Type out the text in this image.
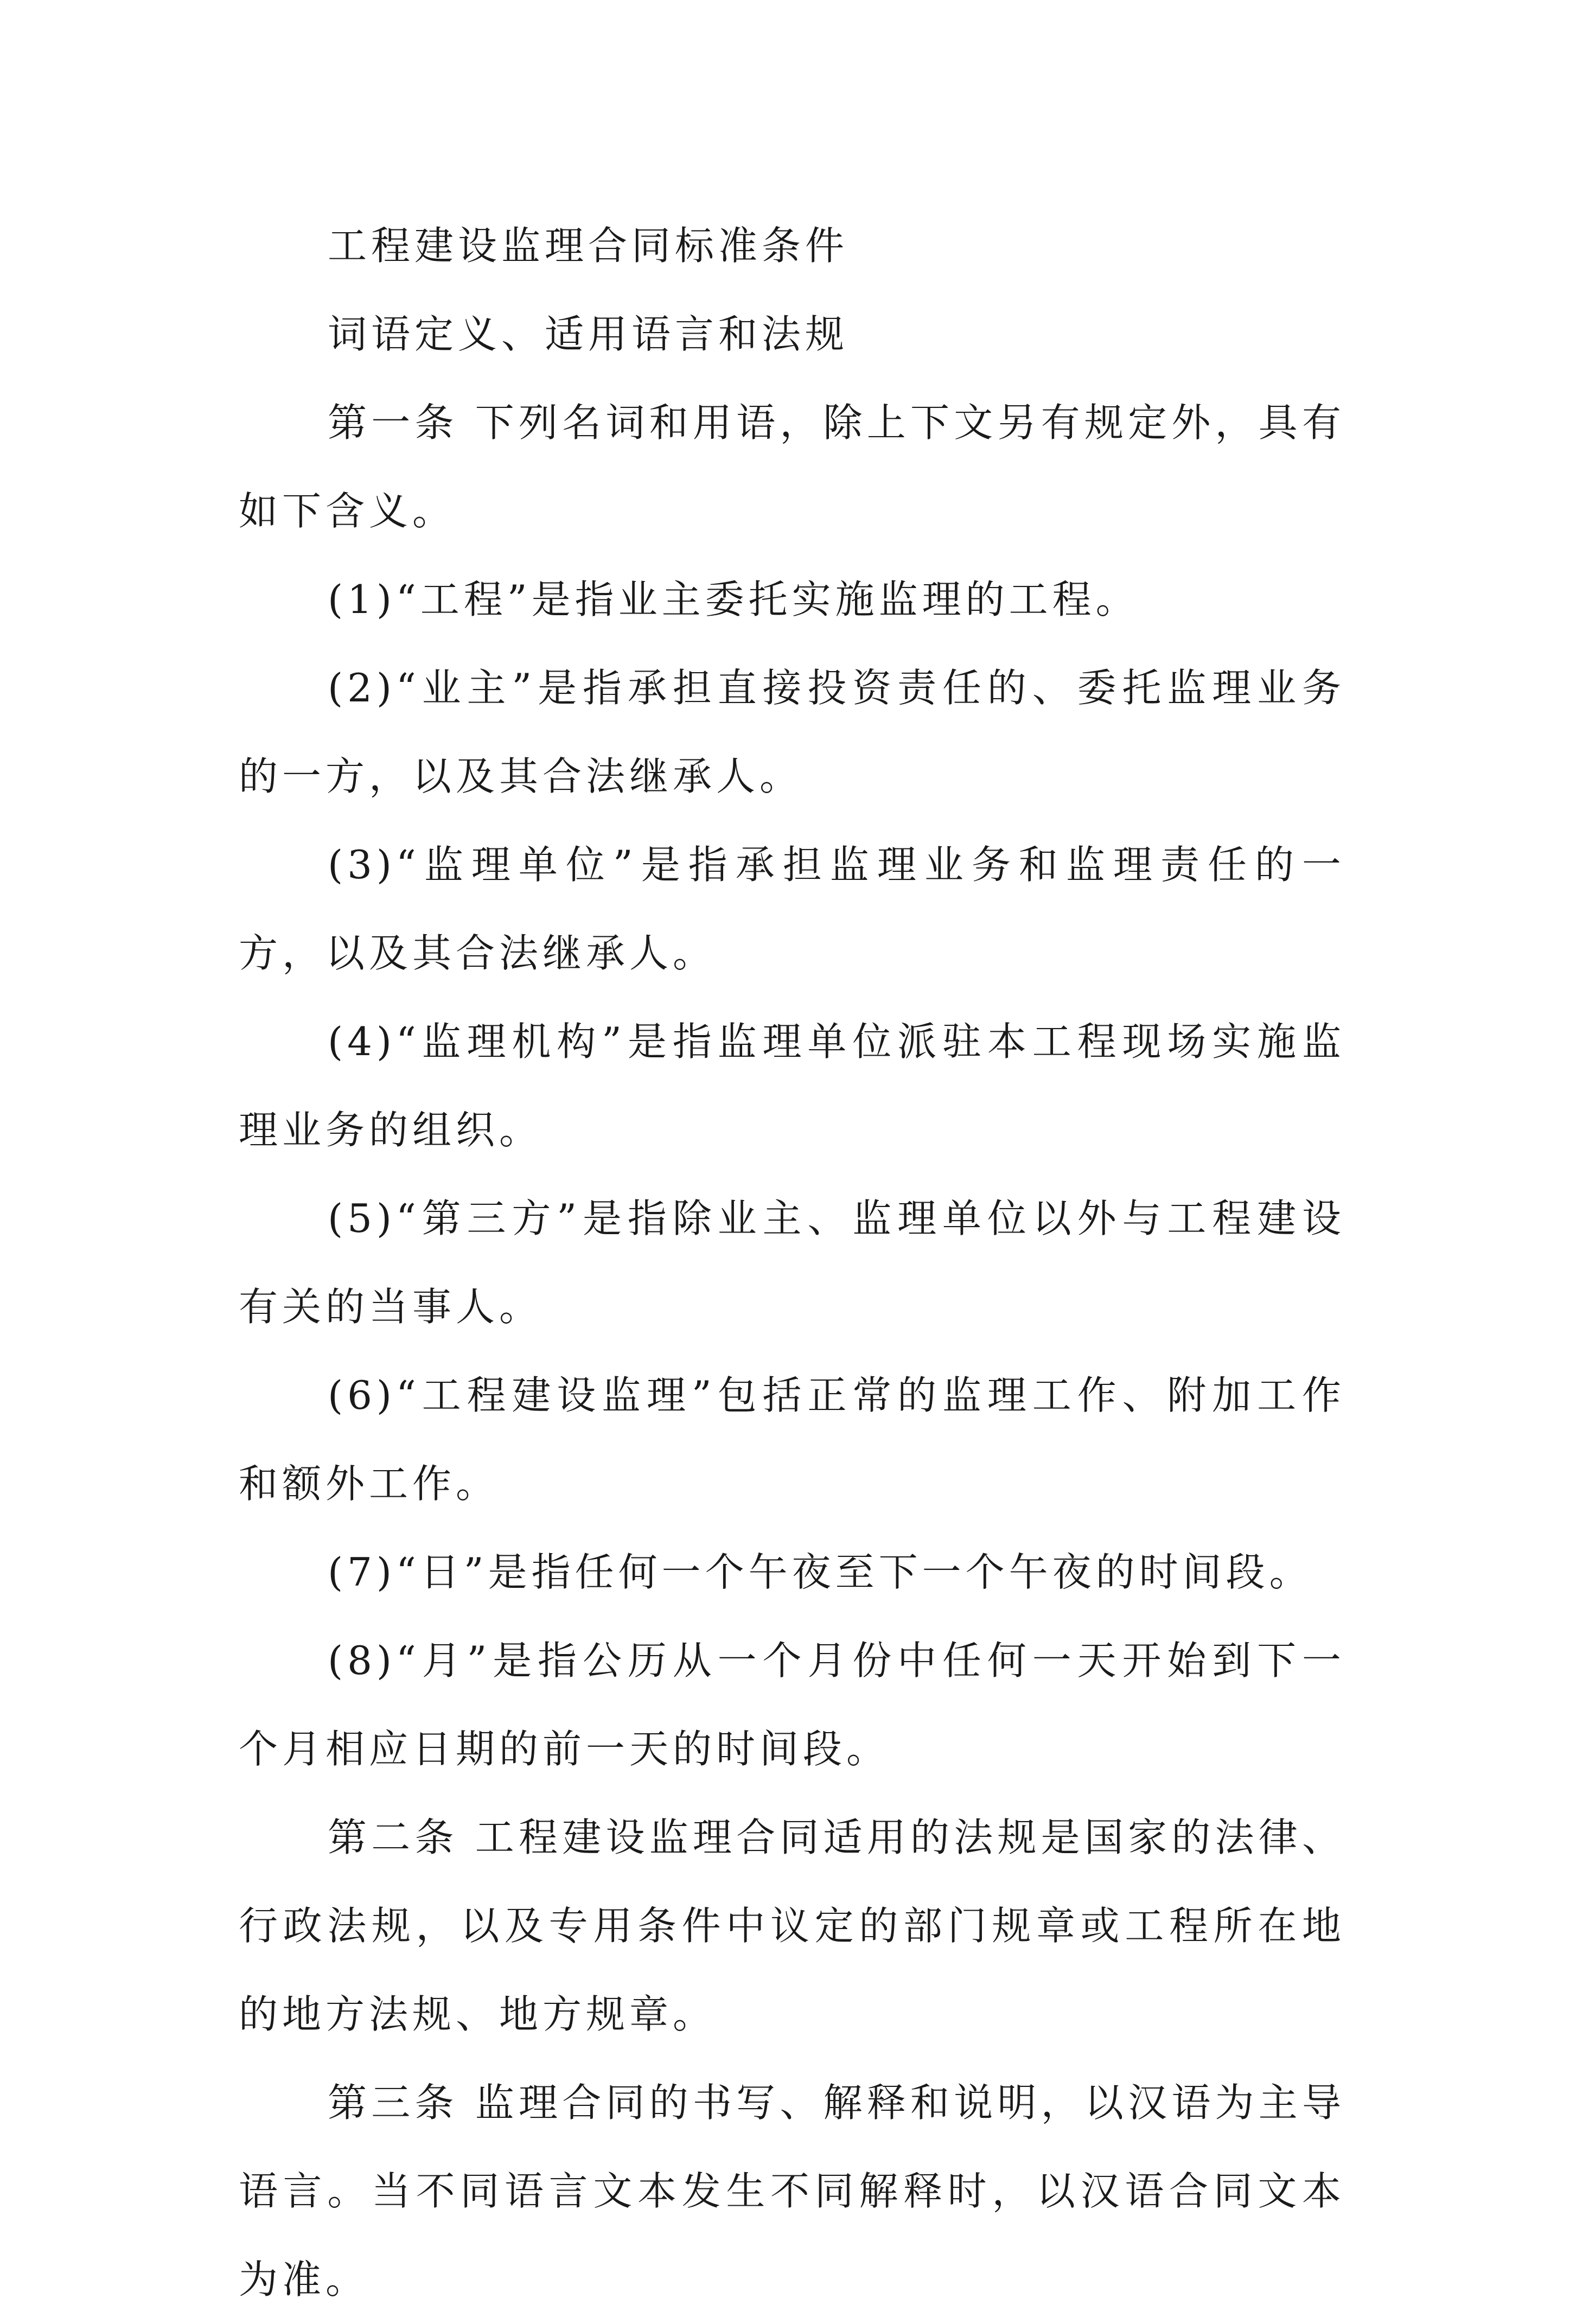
工程建设监理合同标准条件

词语定义、适用语言和法规

第一条 下列名词和用语，除上下文另有规定外，具有如下含义。

(1)“工程”是指业主委托实施监理的工程。

(2)“业主”是指承担直接投资责任的、委托监理业务的一方，以及其合法继承人。

(3)“监理单位”是指承担监理业务和监理责任的一方，以及其合法继承人。

(4)“监理机构”是指监理单位派驻本工程现场实施监理业务的组织。

(5)“第三方”是指除业主、监理单位以外与工程建设有关的当事人。

(6)“工程建设监理”包括正常的监理工作、附加工作和额外工作。

(7)“日”是指任何一个午夜至下一个午夜的时间段。

(8)“月”是指公历从一个月份中任何一天开始到下一个月相应日期的前一天的时间段。

第二条 工程建设监理合同适用的法规是国家的法律、行政法规，以及专用条件中议定的部门规章或工程所在地的地方法规、地方规章。

第三条 监理合同的书写、解释和说明，以汉语为主导语言。当不同语言文本发生不同解释时，以汉语合同文本为准。
